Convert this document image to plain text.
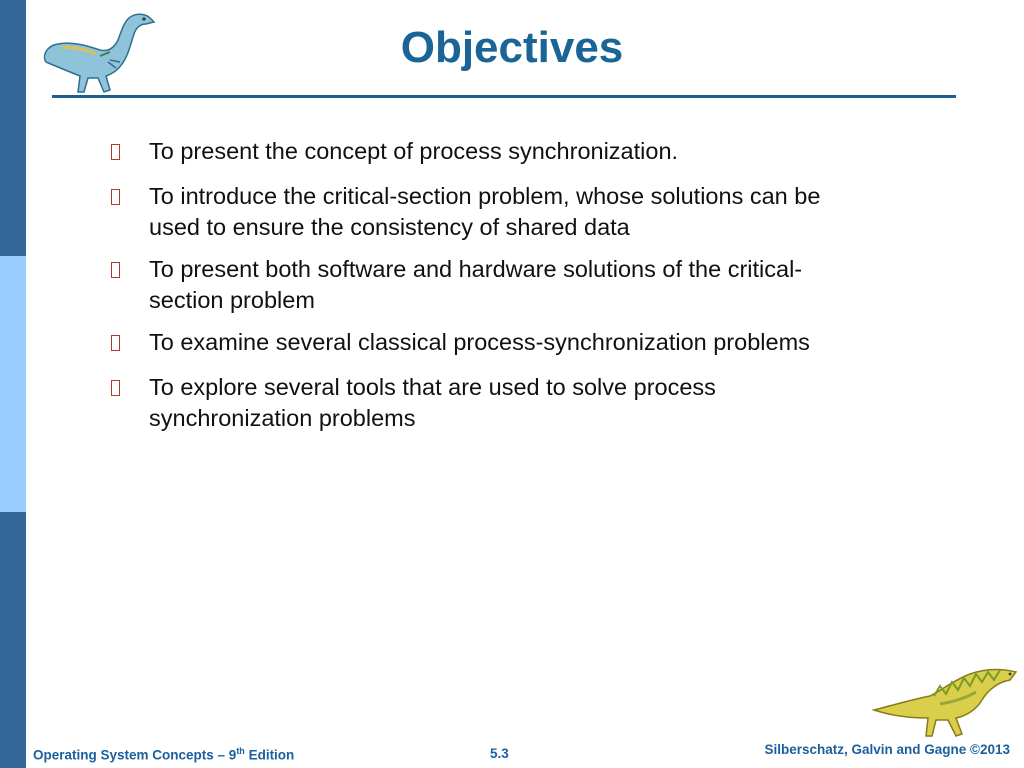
Objectives
To present the concept of process synchronization.
To introduce the critical-section problem, whose solutions can be used to ensure the consistency of shared data
To present both software and hardware solutions of the critical-section problem
To examine several classical process-synchronization problems
To explore several tools that are used to solve process synchronization problems
Operating System Concepts – 9th Edition	5.3	Silberschatz, Galvin and Gagne ©2013
